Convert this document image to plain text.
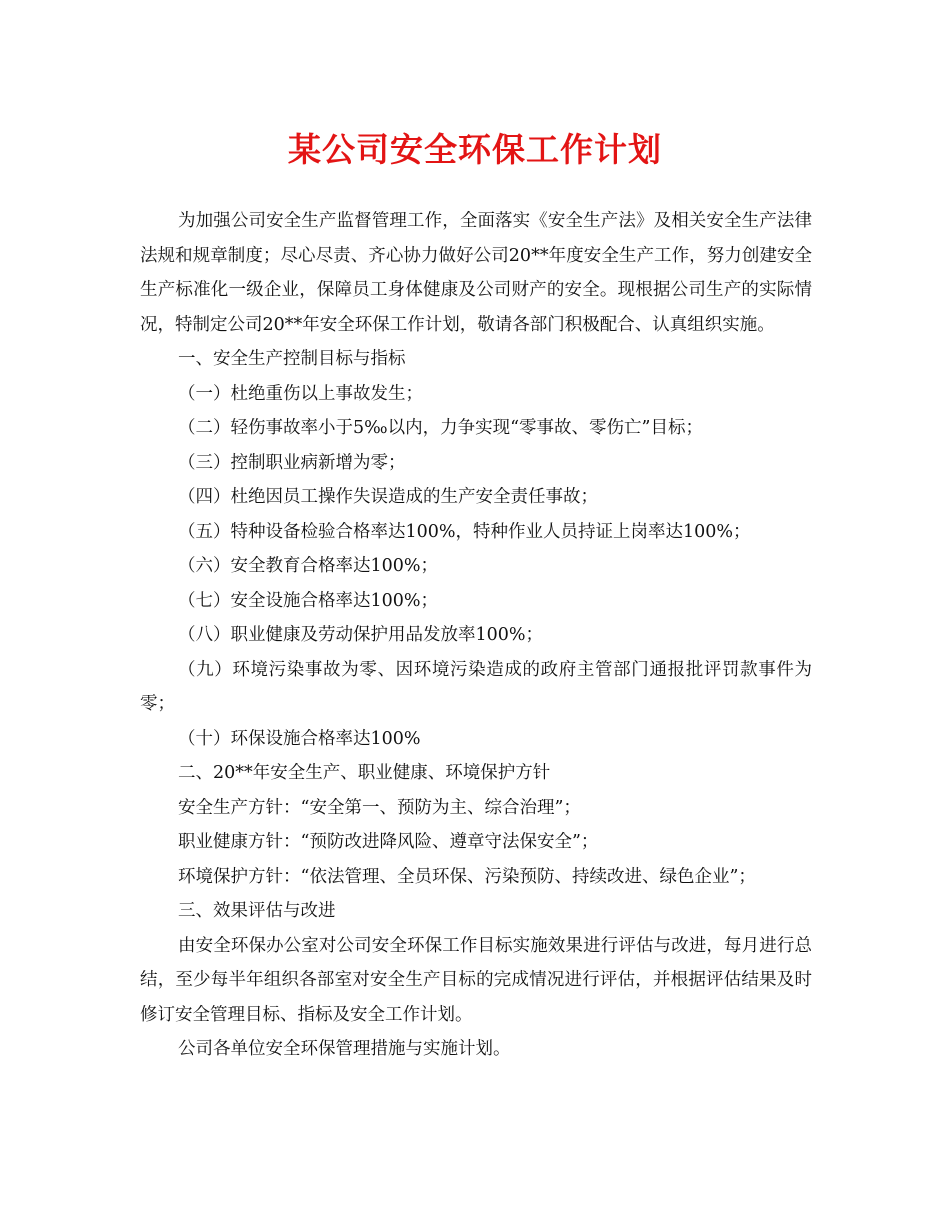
某公司安全环保工作计划

为加强公司安全生产监督管理工作，全面落实《安全生产法》及相关安全生产法律法规和规章制度；尽心尽责、齐心协力做好公司20**年度安全生产工作，努力创建安全生产标准化一级企业，保障员工身体健康及公司财产的安全。现根据公司生产的实际情况，特制定公司20**年安全环保工作计划，敬请各部门积极配合、认真组织实施。

一、安全生产控制目标与指标

（一）杜绝重伤以上事故发生；

（二）轻伤事故率小于5‰以内，力争实现“零事故、零伤亡”目标；

（三）控制职业病新增为零；

（四）杜绝因员工操作失误造成的生产安全责任事故；

（五）特种设备检验合格率达100%，特种作业人员持证上岗率达100%；

（六）安全教育合格率达100%；

（七）安全设施合格率达100%；

（八）职业健康及劳动保护用品发放率100%；

（九）环境污染事故为零、因环境污染造成的政府主管部门通报批评罚款事件为零；

（十）环保设施合格率达100%

二、20**年安全生产、职业健康、环境保护方针

安全生产方针：“安全第一、预防为主、综合治理”；

职业健康方针：“预防改进降风险、遵章守法保安全”；

环境保护方针：“依法管理、全员环保、污染预防、持续改进、绿色企业”；

三、效果评估与改进

由安全环保办公室对公司安全环保工作目标实施效果进行评估与改进，每月进行总结，至少每半年组织各部室对安全生产目标的完成情况进行评估，并根据评估结果及时修订安全管理目标、指标及安全工作计划。

公司各单位安全环保管理措施与实施计划。
